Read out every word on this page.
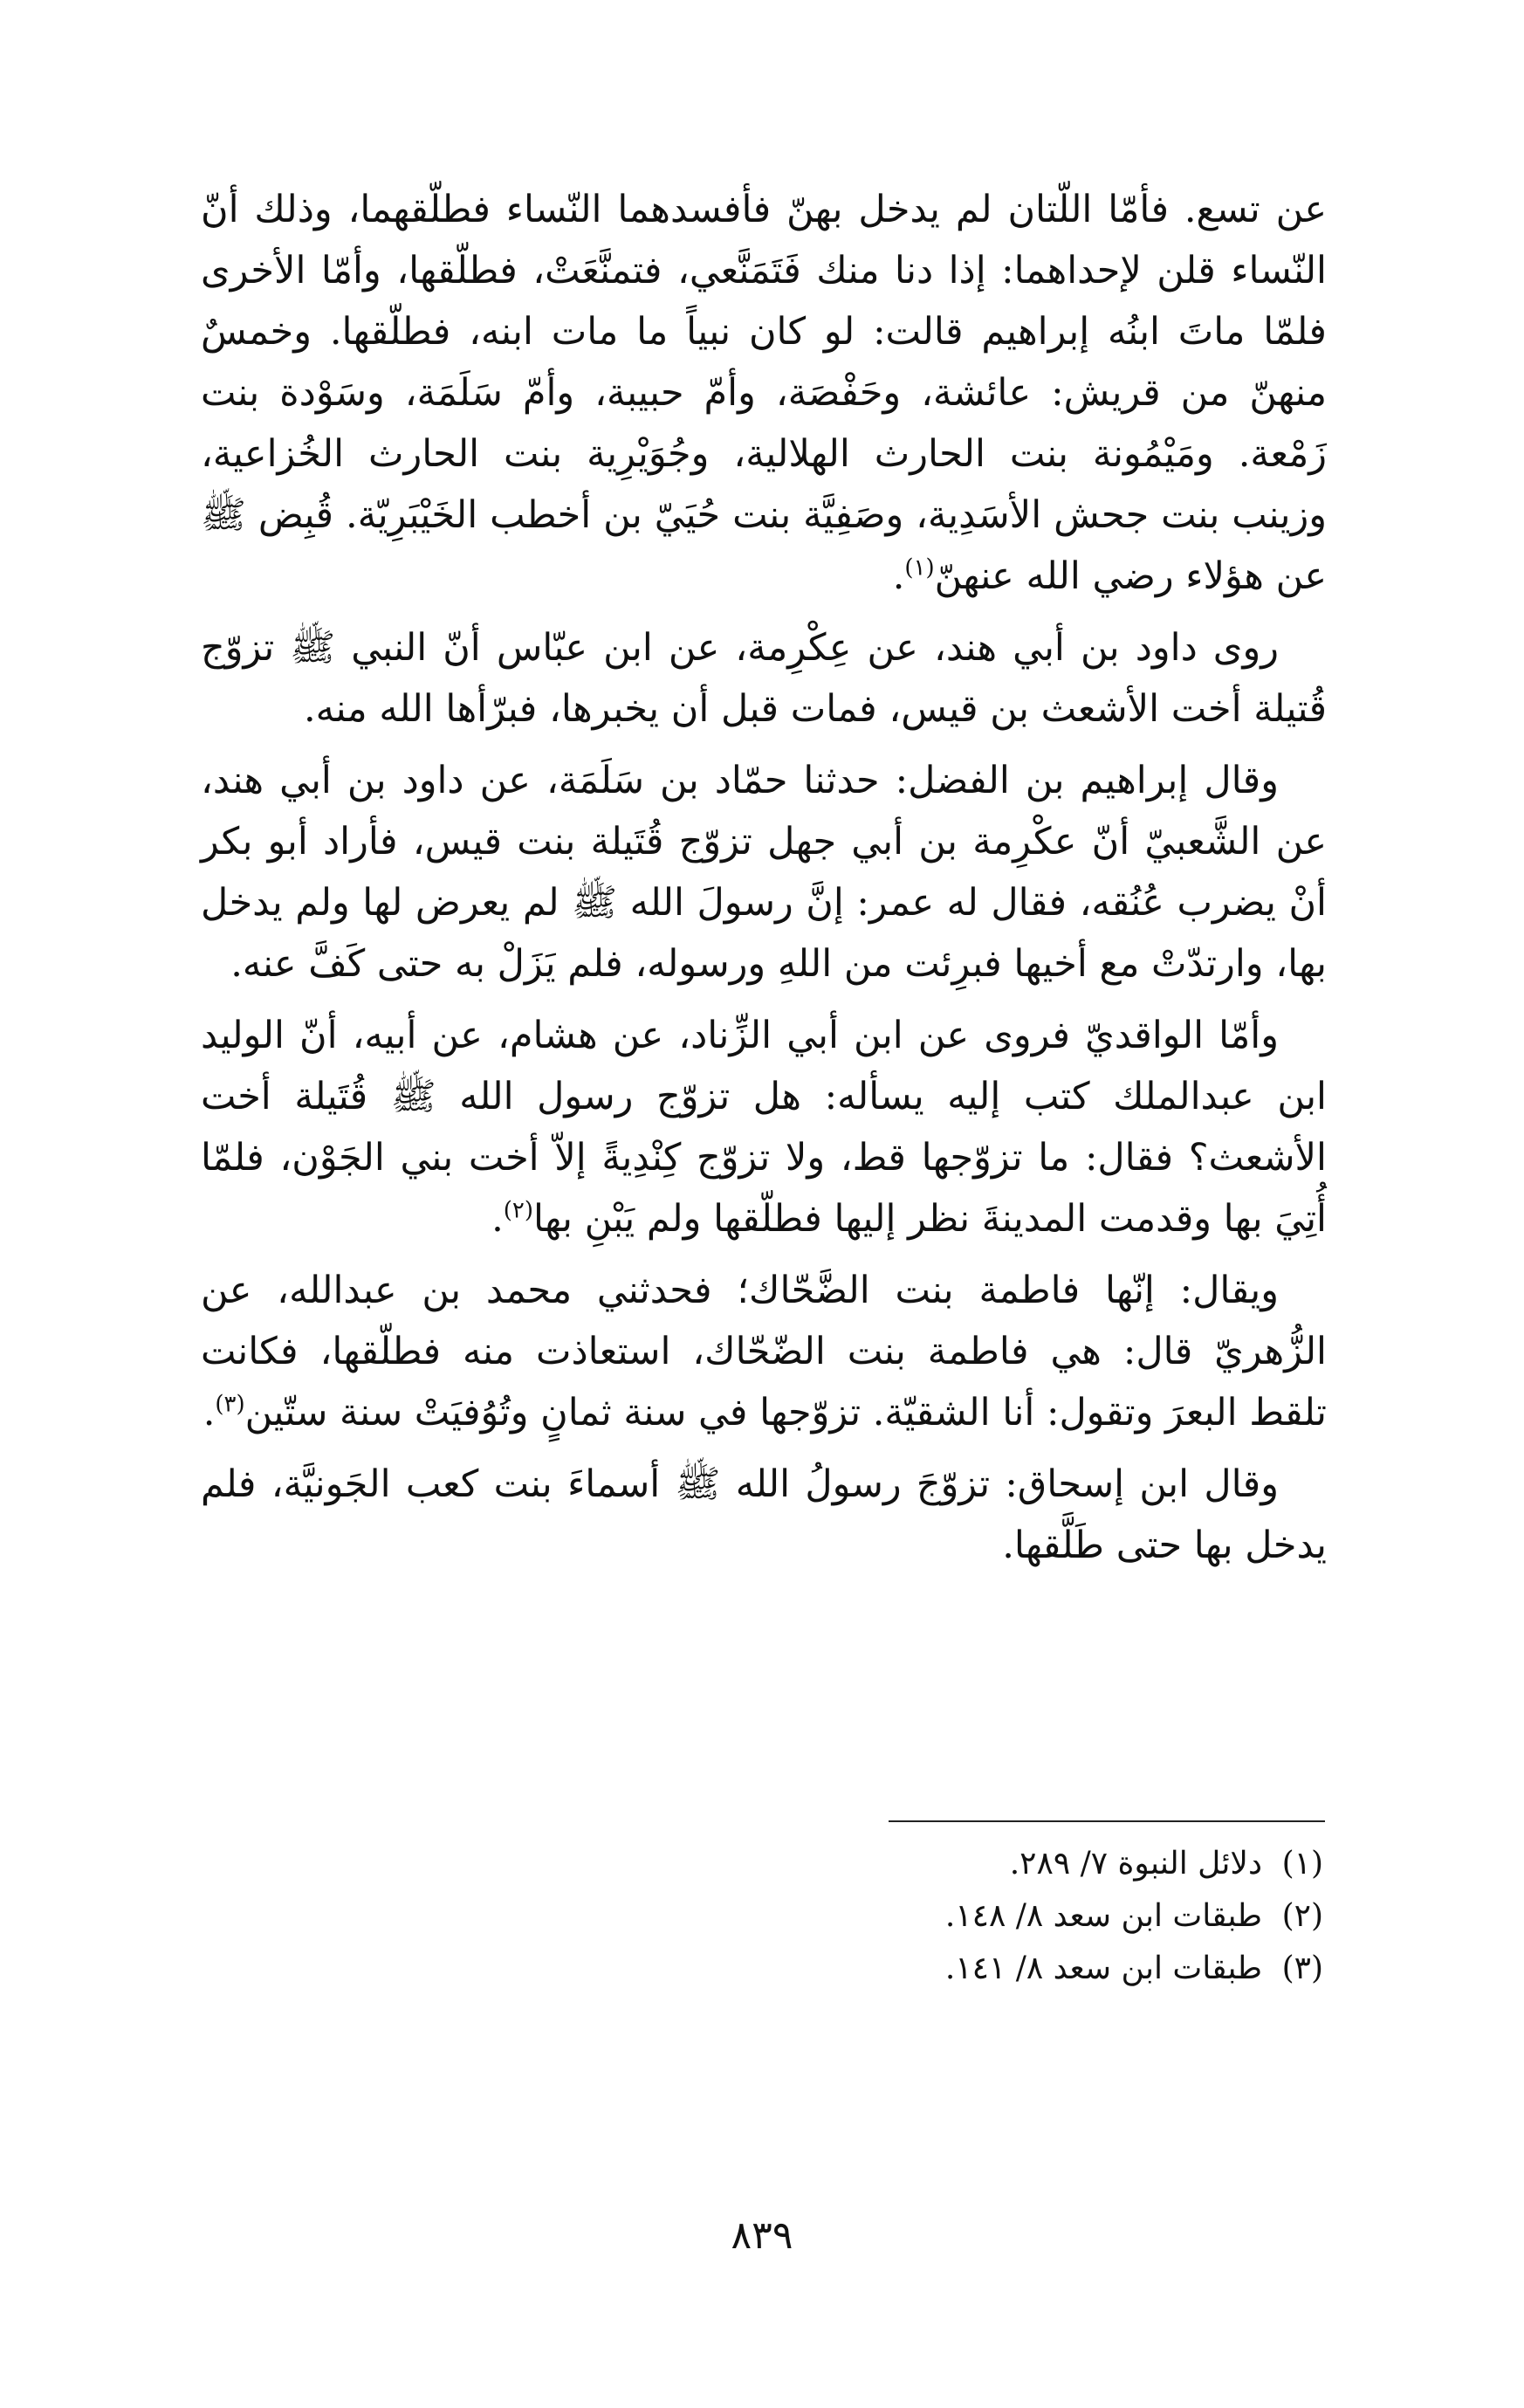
عن تسع. فأمّا اللّتان لم يدخل بهنّ فأفسدهما النّساء فطلّقهما، وذلك أنّ النّساء قلن لإحداهما: إذا دنا منك فَتَمَنَّعي، فتمنَّعَتْ، فطلّقها، وأمّا الأخرى فلمّا ماتَ ابنُه إبراهيم قالت: لو كان نبياً ما مات ابنه، فطلّقها. وخمسٌ منهنّ من قريش: عائشة، وحَفْصَة، وأمّ حبيبة، وأمّ سَلَمَة، وسَوْدة بنت زَمْعة. ومَيْمُونة بنت الحارث الهلالية، وجُوَيْرِية بنت الحارث الخُزاعية، وزينب بنت جحش الأسَدِية، وصَفِيَّة بنت حُيَيّ بن أخطب الخَيْبَرِيّة. قُبِض ﷺ عن هؤلاء رضي الله عنهنّ$^{(١)}$.

روى داود بن أبي هند، عن عِكْرِمة، عن ابن عبّاس أنّ النبي ﷺ تزوّج قُتيلة أخت الأشعث بن قيس، فمات قبل أن يخبرها، فبرّأها الله منه.

وقال إبراهيم بن الفضل: حدثنا حمّاد بن سَلَمَة، عن داود بن أبي هند، عن الشَّعبيّ أنّ عكْرِمة بن أبي جهل تزوّج قُتَيلة بنت قيس، فأراد أبو بكر أنْ يضرب عُنُقه، فقال له عمر: إنَّ رسولَ الله ﷺ لم يعرض لها ولم يدخل بها، وارتدّتْ مع أخيها فبرِئت من اللهِ ورسوله، فلم يَزَلْ به حتى كَفَّ عنه.

وأمّا الواقديّ فروى عن ابن أبي الزِّناد، عن هشام، عن أبيه، أنّ الوليد ابن عبدالملك كتب إليه يسأله: هل تزوّج رسول الله ﷺ قُتَيلة أخت الأشعث؟ فقال: ما تزوّجها قط، ولا تزوّج كِنْدِيةً إلاّ أخت بني الجَوْن، فلمّا أُتِيَ بها وقدمت المدينةَ نظر إليها فطلّقها ولم يَبْنِ بها$^{(٢)}$.

ويقال: إنّها فاطمة بنت الضَّحّاك؛ فحدثني محمد بن عبدالله، عن الزُّهريّ قال: هي فاطمة بنت الضّحّاك، استعاذت منه فطلّقها، فكانت تلقط البعرَ وتقول: أنا الشقيّة. تزوّجها في سنة ثمانٍ وتُوُفيَتْ سنة ستّين$^{(٣)}$.

وقال ابن إسحاق: تزوّجَ رسولُ الله ﷺ أسماءَ بنت كعب الجَونيَّة، فلم يدخل بها حتى طَلَّقها.

(١)
دلائل النبوة ٧/ ٢٨٩.
(٢)
طبقات ابن سعد ٨/ ١٤٨.
(٣)
طبقات ابن سعد ٨/ ١٤١.
٨٣٩
